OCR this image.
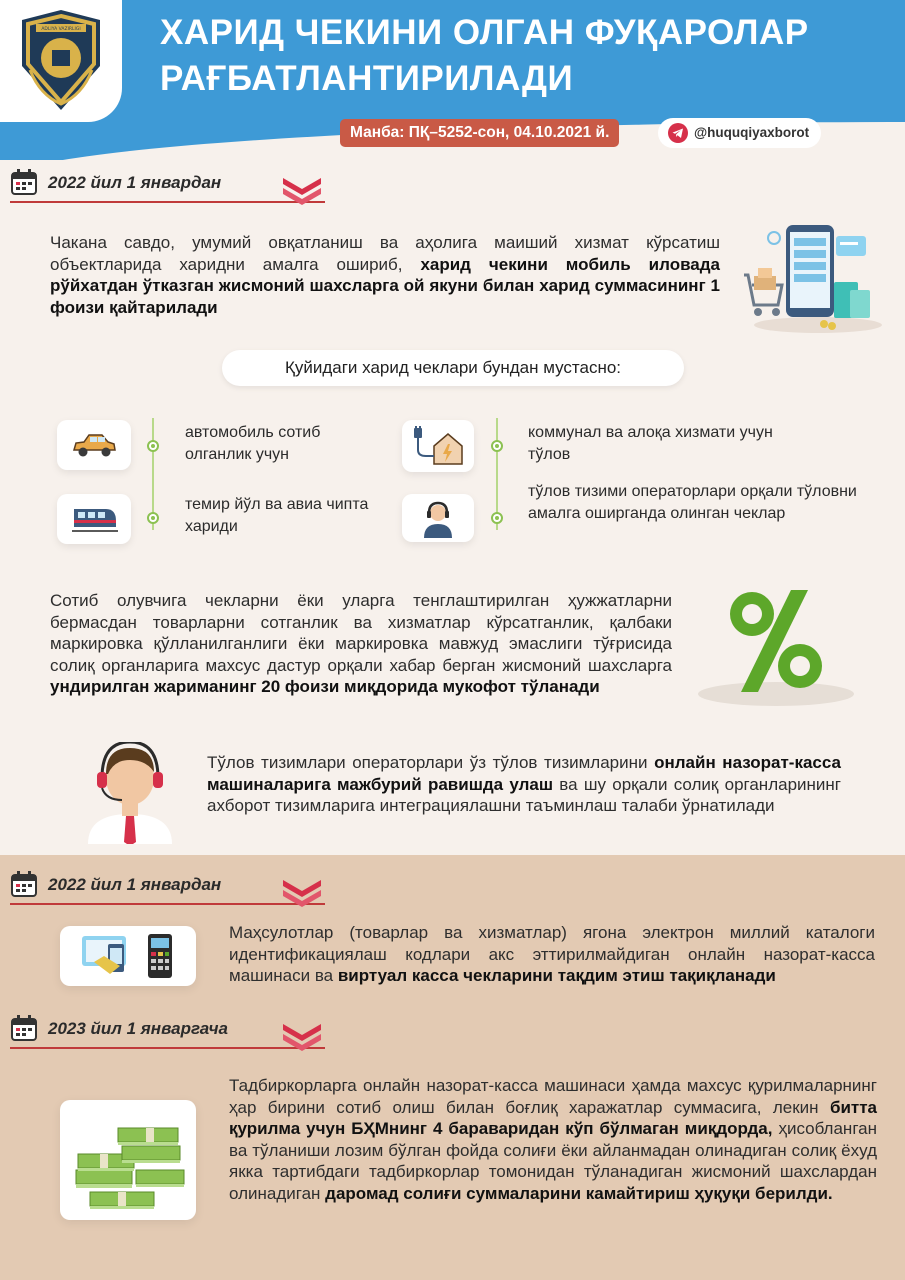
ADLIYA VAZIRLIGI ХАРИД ЧЕКИНИ ОЛГАН ФУҚАРОЛАР РАҒБАТЛАНТИРИЛАДИ
Манба: ПҚ–5252-сон, 04.10.2021 й.	@huquqiyaxborot
2022 йил 1 январдан
Чакана савдо, умумий овқатланиш ва аҳолига маиший хизмат кўрсатиш объектларида харидни амалга ошириб, харид чекини мобиль иловада рўйхатдан ўтказган жисмоний шахсларга ой якуни билан харид суммасининг 1 фоизи қайтарилади
Қуйидаги харид чеклари бундан мустасно:
автомобиль сотиб олганлик учун
коммунал ва алоқа хизмати учун тўлов
темир йўл ва авиа чипта хариди
тўлов тизими операторлари орқали тўловни амалга оширганда олинган чеклар
Сотиб олувчига чекларни ёки уларга тенглаштирилган ҳужжатларни бермасдан товарларни сотганлик ва хизматлар кўрсатганлик, қалбаки маркировка қўлланилганлиги ёки маркировка мавжуд эмаслиги тўғрисида солиқ органларига махсус дастур орқали хабар берган жисмоний шахсларга ундирилган жариманинг 20 фоизи миқдорида мукофот тўланади
Тўлов тизимлари операторлари ўз тўлов тизимларини онлайн назорат-касса машиналарига мажбурий равишда улаш ва шу орқали солиқ органларининг ахборот тизимларига интеграциялашни таъминлаш талаби ўрнатилади
2022 йил 1 январдан
Маҳсулотлар (товарлар ва хизматлар) ягона электрон миллий каталоги идентификациялаш кодлари акс эттирилмайдиган онлайн назорат-касса машинаси ва виртуал касса чекларини тақдим этиш тақиқланади
2023 йил 1 январгача
Тадбиркорларга онлайн назорат-касса машинаси ҳамда махсус қурилмаларнинг ҳар бирини сотиб олиш билан боғлиқ харажатлар суммасига, лекин битта қурилма учун БҲМнинг 4 бараваридан кўп бўлмаган миқдорда, ҳисобланган ва тўланиши лозим бўлган фойда солиғи ёки айланмадан олинадиган солиқ ёхуд якка тартибдаги тадбиркорлар томонидан тўланадиган жисмоний шахслардан олинадиган даромад солиғи суммаларини камайтириш ҳуқуқи берилди.
